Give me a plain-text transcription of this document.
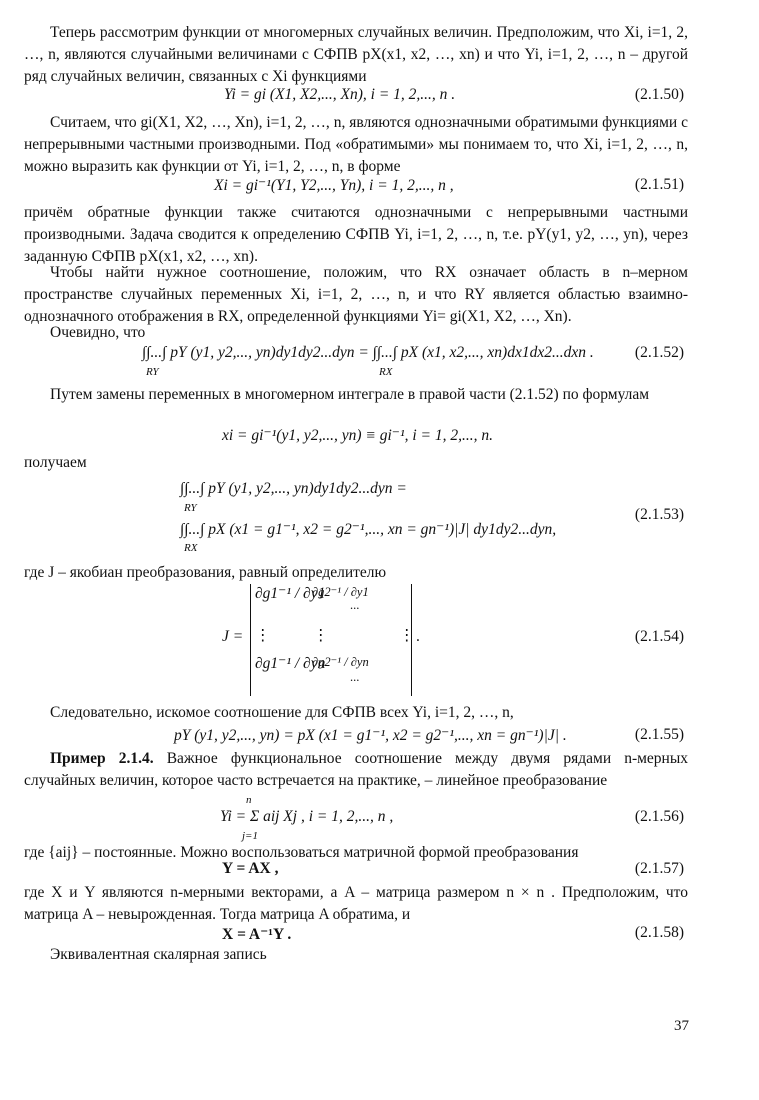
Теперь рассмотрим функции от многомерных случайных величин. Предположим, что Xi, i=1, 2, …, n, являются случайными величинами с СФПВ pX(x1, x2, …, xn) и что Yi, i=1, 2, …, n – другой ряд случайных величин, связанных с Xi функциями
Yi = gi (X1, X2,..., Xn), i = 1, 2,..., n .	(2.1.50)
Считаем, что gi(X1, X2, …, Xn), i=1, 2, …, n, являются однозначными обратимыми функциями с непрерывными частными производными. Под «обратимыми» мы понимаем то, что Xi, i=1, 2, …, n, можно выразить как функции от Yi, i=1, 2, …, n, в форме
Xi = gi⁻¹(Y1, Y2,..., Yn), i = 1, 2,..., n ,	(2.1.51)
причём обратные функции также считаются однозначными с непрерывными частными производными. Задача сводится к определению СФПВ Yi, i=1, 2, …, n, т.е. pY(y1, y2, …, yn), через заданную СФПВ pX(x1, x2, …, xn).
Чтобы найти нужное соотношение, положим, что RX означает область в n–мерном пространстве случайных переменных Xi, i=1, 2, …, n, и что RY является областью взаимно-однозначного отображения в RX, определенной функциями Yi= gi(X1, X2, …, Xn).
Очевидно, что
∫∫...∫ pY (y1, y2,..., yn)dy1dy2...dyn = ∫∫...∫ pX (x1, x2,..., xn)dx1dx2...dxn .
RY	RX
(2.1.52)
Путем замены переменных в многомерном интеграле в правой части (2.1.52) по формулам
xi = gi⁻¹(y1, y2,..., yn) ≡ gi⁻¹, i = 1, 2,..., n.
получаем
∫∫...∫ pY (y1, y2,..., yn)dy1dy2...dyn =
RY
∫∫...∫ pX (x1 = g1⁻¹, x2 = g2⁻¹,..., xn = gn⁻¹)|J| dy1dy2...dyn,
RX
(2.1.53)
где J – якобиан преобразования, равный определителю
J =
∂g1⁻¹ / ∂y1
⋮	⋮	⋮
∂g1⁻¹ / ∂yn
∂g2⁻¹ / ∂y1
...
∂g2⁻¹ / ∂yn
...
.	(2.1.54)
Следовательно, искомое соотношение для СФПВ всех Yi, i=1, 2, …, n,
pY (y1, y2,..., yn) = pX (x1 = g1⁻¹, x2 = g2⁻¹,..., xn = gn⁻¹)|J| .	(2.1.55)
Пример 2.1.4. Важное функциональное соотношение между двумя рядами n-мерных случайных величин, которое часто встречается на практике, – линейное преобразование
n
Yi = Σ aij Xj , i = 1, 2,..., n ,
j=1
(2.1.56)
где {aij} – постоянные. Можно воспользоваться матричной формой преобразования
Y = AX ,	(2.1.57)
где X и Y являются n-мерными векторами, а A – матрица размером n × n . Предположим, что матрица A – невырожденная. Тогда матрица A обратима, и
X = A⁻¹Y .	(2.1.58)
Эквивалентная скалярная запись
37
